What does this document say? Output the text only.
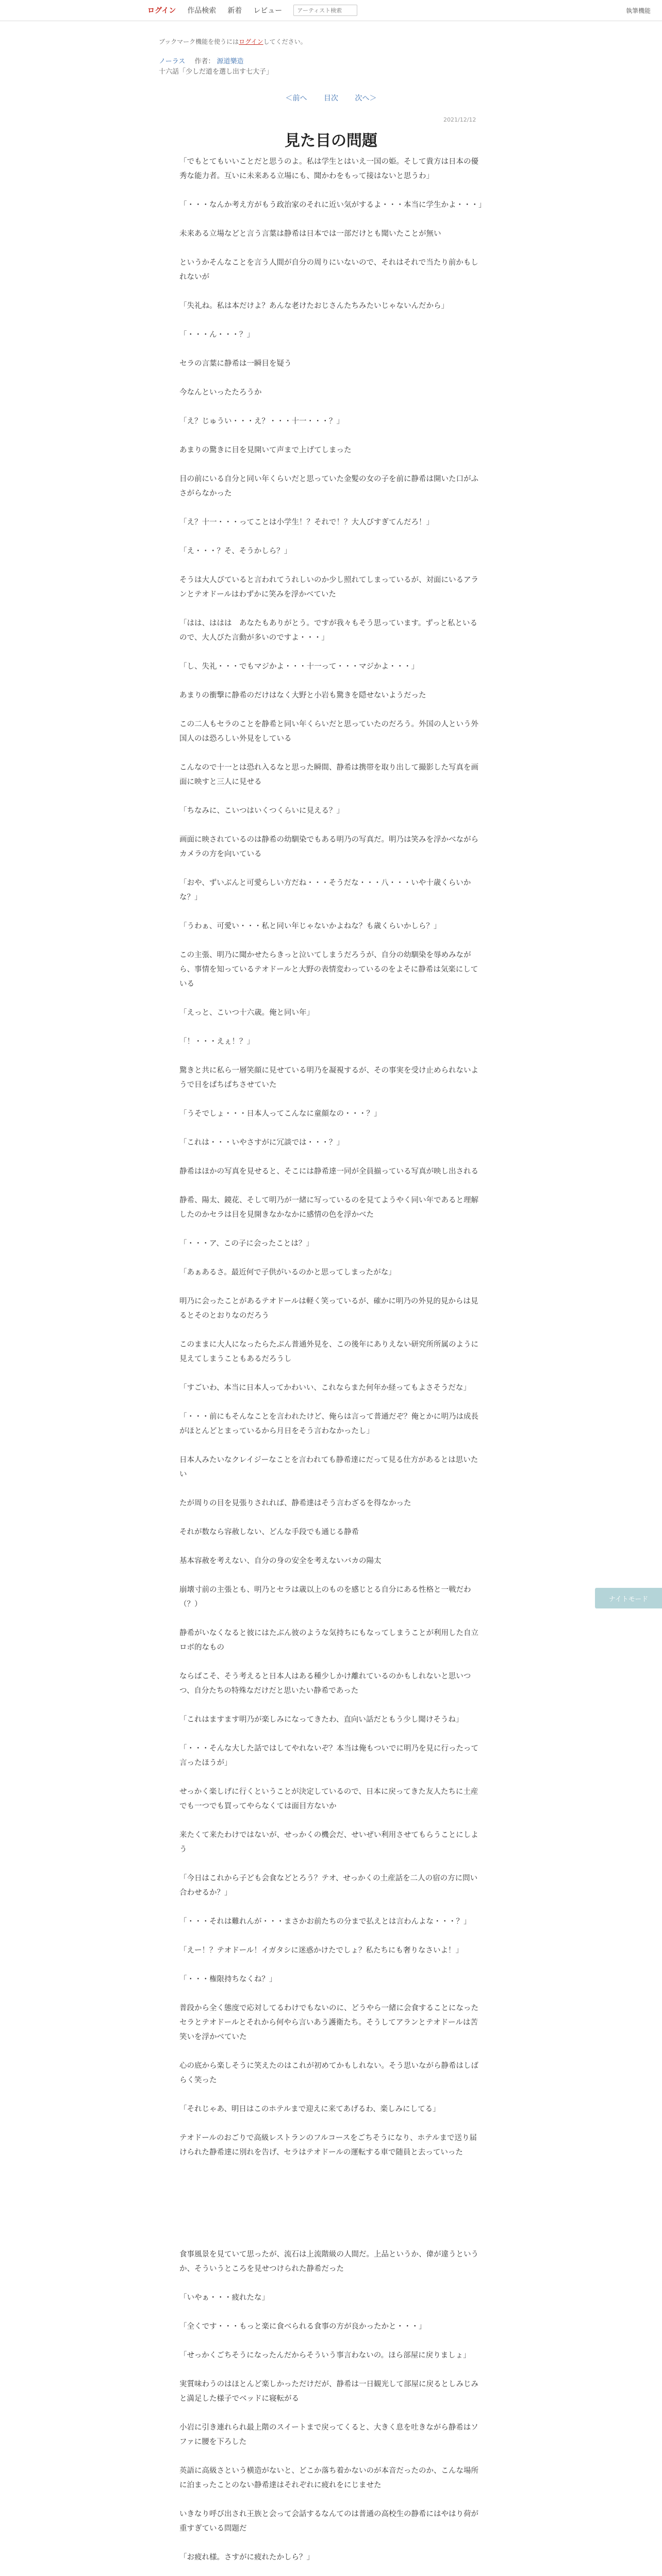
ログイン 作品検索 新着 レビュー
アーティスト検索	執筆機能
ブックマーク機能を使うにはログインしてください。
ノーラス 作者： 源道樂造
十六話「少しだ道を選し出す七大子」
＜前へ 目次 次へ＞
2021/12/12
見た目の問題

「でもとてもいいことだと思うのよ。私は学生とはいえ一国の姫。そして貴方は日本の優秀な能力者。互いに未来ある立場にも、聞かわをもって接はないと思うわ」

「・・・なんか考え方がもう政治家のそれに近い気がするよ・・・本当に学生かよ・・・」

未来ある立場などと言う言葉は静希は日本では一部だけとも聞いたことが無い

というかそんなことを言う人間が自分の周りにいないので、それはそれで当たり前かもしれないが

「失礼ね。私は本だけよ？あんな老けたおじさんたちみたいじゃないんだから」

「・・・ん・・・？」

セラの言葉に静希は一瞬目を疑う

今なんといったたろうか

「え？じゅうい・・・え？・・・十一・・・？」

あまりの驚きに目を見開いて声まで上げてしまった

目の前にいる自分と同い年くらいだと思っていた金髪の女の子を前に静希は開いた口がふさがらなかった

「え？十一・・・ってことは小学生！？それで！？大人びすぎてんだろ！」

「え・・・？そ、そうかしら？」

そうは大人びていると言われてうれしいのか少し照れてしまっているが、対面にいるアランとテオドールはわずかに笑みを浮かべていた

「はは、ははは　あなたもありがとう。ですが我々もそう思っています。ずっと私といるので、大人びた言動が多いのですよ・・・」

「し、失礼・・・でもマジかよ・・・十一って・・・マジかよ・・・」

あまりの衝撃に静希のだけはなく大野と小岩も驚きを隠せないようだった

この二人もセラのことを静希と同い年くらいだと思っていたのだろう。外国の人という外国人のは恐ろしい外見をしている

こんなので十一とは恐れ入るなと思った瞬間、静希は携帯を取り出して撮影した写真を画面に映すと三人に見せる

「ちなみに、こいつはいくつくらいに見える？」

画面に映されているのは静希の幼馴染でもある明乃の写真だ。明乃は笑みを浮かべながらカメラの方を向いている

「おや、ずいぶんと可愛らしい方だね・・・そうだな・・・八・・・いや十歳くらいかな？」

「うわぁ、可愛い・・・私と同い年じゃないかよねな？も歳くらいかしら？」

この主張、明乃に聞かせたらきっと泣いてしまうだろうが、自分の幼馴染を辱めみながら、事情を知っているテオドールと大野の表情変わっているのをよそに静希は気楽にしている

「えっと、こいつ十六歳。俺と同い年」

「！・・・えぇ！？」

驚きと共に私ら一層笑顔に見せている明乃を凝視するが、その事実を受け止められないようで目をぱちぱちさせていた

「うそでしょ・・・日本人ってこんなに童顔なの・・・？」

「これは・・・いやさすがに冗談では・・・？」

静希はほかの写真を見せると、そこには静希達一同が全員揃っている写真が映し出される

静希、陽太、鏡花、そして明乃が一緒に写っているのを見てようやく同い年であると理解したのかセラは目を見開きなかなかに感情の色を浮かべた

「・・・ア、この子に会ったことは？」

「あぁあるさ。最近何で子供がいるのかと思ってしまったがな」

明乃に会ったことがあるテオドールは軽く笑っているが、確かに明乃の外見的見からは見るとそのとおりなのだろう

このままに大人になったらたぶん普通外見を、この後年にありえない研究所所属のように見えてしまうこともあるだろうし

「すごいわ、本当に日本人ってかわいい、これならまた何年か経ってもよさそうだな」

「・・・前にもそんなことを言われたけど、俺らは言って普通だぞ？俺とかに明乃は成長がほとんどとまっているから月日をそう言わなかったし」

日本人みたいなクレイジーなことを言われても静希達にだって見る仕方があるとは思いたい

たが周りの目を見張りされれば、静希達はそう言わざるを得なかった

それが数なら容赦しない、どんな手段でも通じる静希

基本容赦を考えない、自分の身の安全を考えないバカの陽太

崩壊寸前の主張とも、明乃とセラは歳以上のものを感じとる自分にある性格と一戦だわ（？）

静希がいなくなると彼にはたぶん彼のような気持ちにもなってしまうことが利用した自立ロボ的なもの

ならばこそ、そう考えると日本人はある種少しかけ離れているのかもしれないと思いつつ、自分たちの特殊なだけだと思いたい静希であった

「これはますます明乃が楽しみになってきたわ、直向い話だともう少し聞けそうね」

「・・・そんな大した話ではしてやれないぞ？本当は俺もついでに明乃を見に行ったって言ったほうが」

せっかく楽しげに行くということが決定しているので、日本に戻ってきた友人たちに土産でも一つでも買ってやらなくては面目方ないか

来たくて来たわけではないが、せっかくの機会だ、せいぜい利用させてもらうことにしよう

「今日はこれから子ども会食などとろう？テオ、せっかくの土産話を二人の宿の方に問い合わせるか？」

「・・・それは難れんが・・・まさかお前たちの分まで払えとは言わんよな・・・？」

「えー！？テオドール！イガタシに迷惑かけたでしょ？私たちにも奢りなさいよ！」

「・・・権限持ちなくね？」

普段から全く態度で応対してるわけでもないのに、どうやら一緒に会食することになったセラとテオドールとそれから何やら言いあう護衛たち。そうしてアランとテオドールは苦笑いを浮かべていた

心の底から楽しそうに笑えたのはこれが初めてかもしれない。そう思いながら静希はしばらく笑った

「それじゃあ、明日はこのホテルまで迎えに来てあげるわ、楽しみにしてる」

テオドールのおごりで高級レストランのフルコースをごちそうになり、ホテルまで送り届けられた静希達に別れを告げ、セラはテオドールの運転する車で随員と去っていった

食事風景を見ていて思ったが、流石は上流階級の人間だ。上品というか、偉が違うというか、そういうところを見せつけられた静希だった

「いやぁ・・・疲れたな」

「全くです・・・もっと楽に食べられる食事の方が良かったかと・・・」

「せっかくごちそうになったんだからそういう事言わないの。ほら部屋に戻りましょ」

実質味わうのはほとんど楽しかっただけだが、静希は一日観光して部屋に戻るとしみじみと満足した様子でベッドに寝転がる

小岩に引き連れられ最上階のスイートまで戻ってくると、大きく息を吐きながら静希はソファに腰を下ろした

英語に高級さという横造がないと、どこか落ち着かないのが本音だったのか、こんな場所に泊まったことのない静希達はそれぞれに疲れをにじませた

いきなり呼び出され王族と会って会話するなんてのは普通の高校生の静希にはやはり荷が重すぎている問題だ

「お疲れ様。さすがに疲れたかしら？」

ナイトモード
